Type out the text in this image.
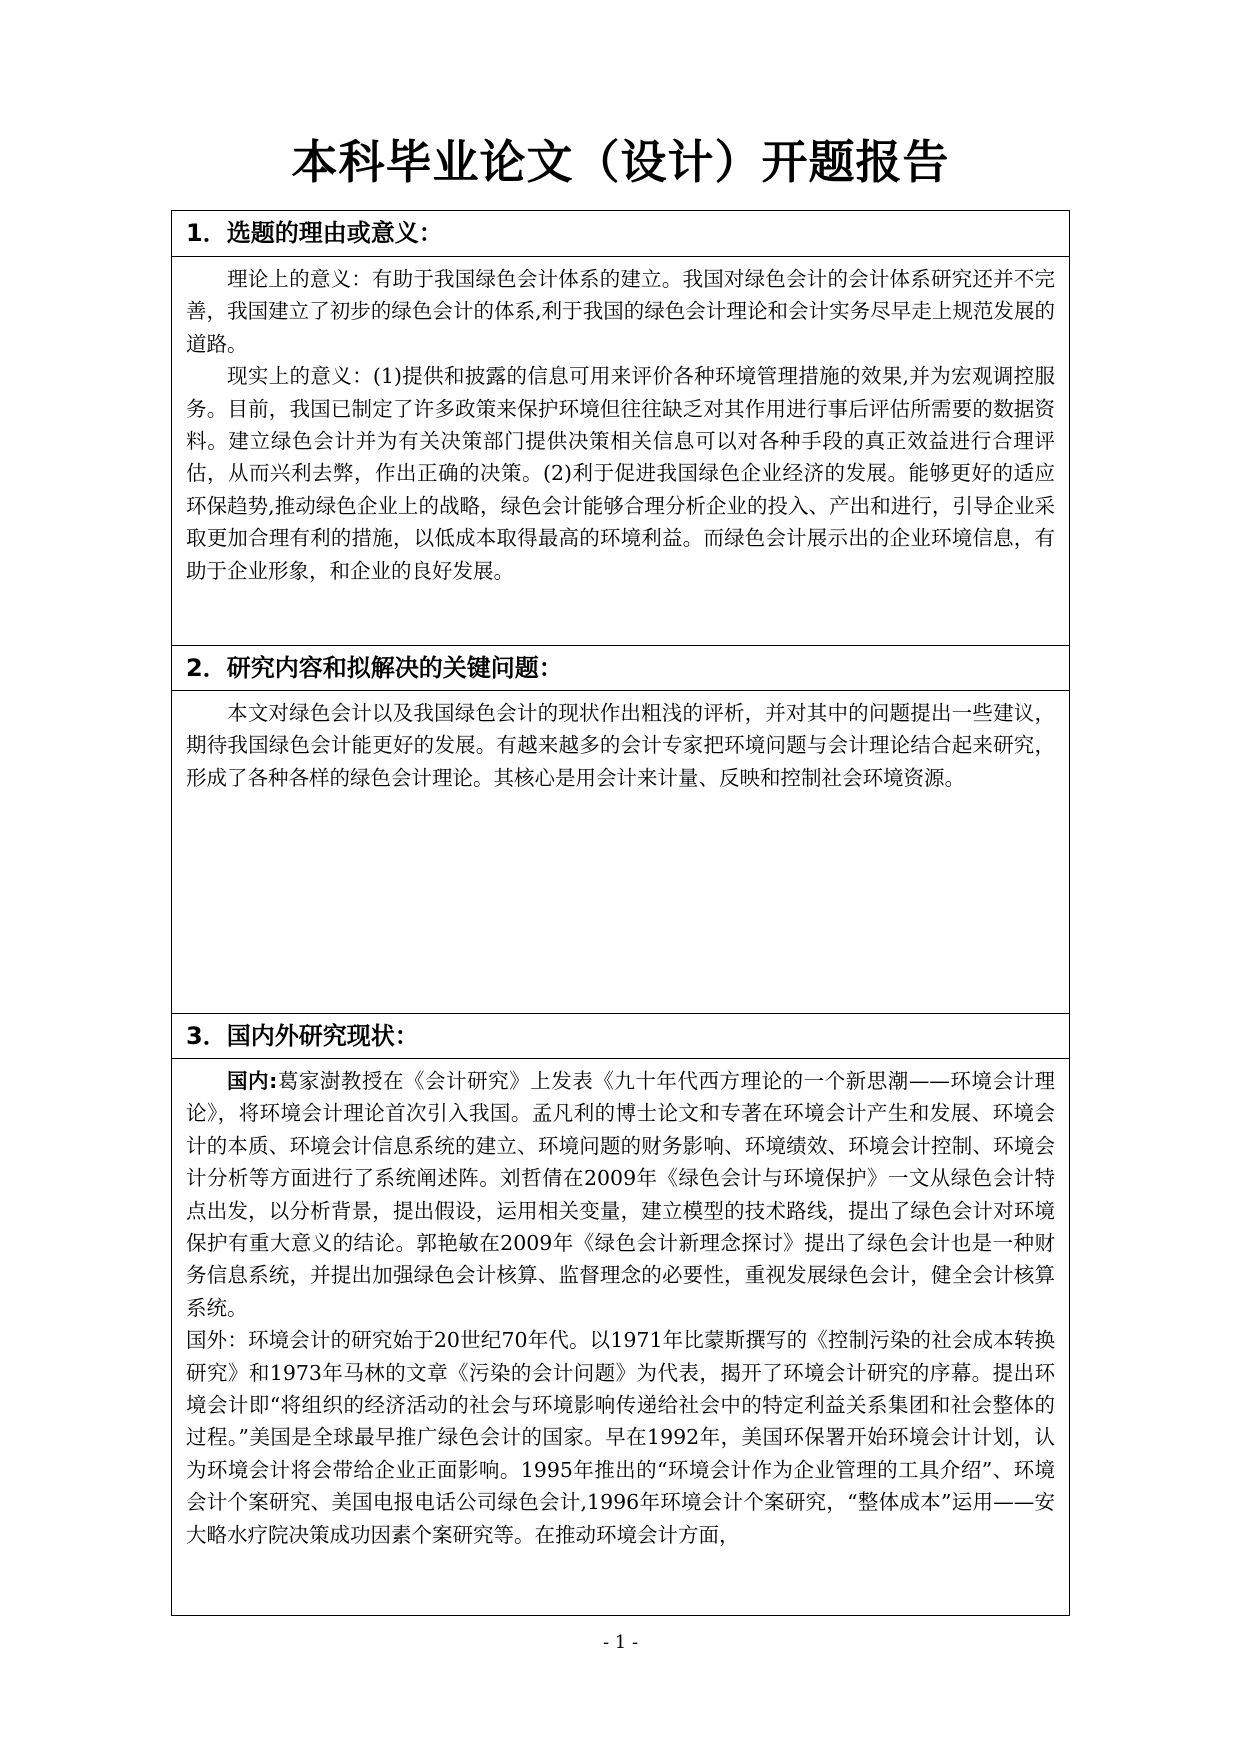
本科毕业论文（设计）开题报告
1．选题的理由或意义：

理论上的意义：有助于我国绿色会计体系的建立。我国对绿色会计的会计体系研究还并不完善，我国建立了初步的绿色会计的体系,利于我国的绿色会计理论和会计实务尽早走上规范发展的道路。

现实上的意义：(1)提供和披露的信息可用来评价各种环境管理措施的效果,并为宏观调控服务。目前，我国已制定了许多政策来保护环境但往往缺乏对其作用进行事后评估所需要的数据资料。建立绿色会计并为有关决策部门提供决策相关信息可以对各种手段的真正效益进行合理评估，从而兴利去弊，作出正确的决策。(2)利于促进我国绿色企业经济的发展。能够更好的适应环保趋势,推动绿色企业上的战略，绿色会计能够合理分析企业的投入、产出和进行，引导企业采取更加合理有利的措施，以低成本取得最高的环境利益。而绿色会计展示出的企业环境信息，有助于企业形象，和企业的良好发展。

2．研究内容和拟解决的关键问题：

本文对绿色会计以及我国绿色会计的现状作出粗浅的评析，并对其中的问题提出一些建议，期待我国绿色会计能更好的发展。有越来越多的会计专家把环境问题与会计理论结合起来研究，形成了各种各样的绿色会计理论。其核心是用会计来计量、反映和控制社会环境资源。

3．国内外研究现状：

国内:葛家澍教授在《会计研究》上发表《九十年代西方理论的一个新思潮——环境会计理论》，将环境会计理论首次引入我国。孟凡利的博士论文和专著在环境会计产生和发展、环境会计的本质、环境会计信息系统的建立、环境问题的财务影响、环境绩效、环境会计控制、环境会计分析等方面进行了系统阐述阵。刘哲倩在2009年《绿色会计与环境保护》一文从绿色会计特点出发，以分析背景，提出假设，运用相关变量，建立模型的技术路线，提出了绿色会计对环境保护有重大意义的结论。郭艳敏在2009年《绿色会计新理念探讨》提出了绿色会计也是一种财务信息系统，并提出加强绿色会计核算、监督理念的必要性，重视发展绿色会计，健全会计核算系统。

国外：环境会计的研究始于20世纪70年代。以1971年比蒙斯撰写的《控制污染的社会成本转换研究》和1973年马林的文章《污染的会计问题》为代表，揭开了环境会计研究的序幕。提出环境会计即“将组织的经济活动的社会与环境影响传递给社会中的特定利益关系集团和社会整体的过程。”美国是全球最早推广绿色会计的国家。早在1992年，美国环保署开始环境会计计划，认为环境会计将会带给企业正面影响。1995年推出的“环境会计作为企业管理的工具介绍”、环境会计个案研究、美国电报电话公司绿色会计,1996年环境会计个案研究，“整体成本”运用——安大略水疗院决策成功因素个案研究等。在推动环境会计方面，

- 1 -
